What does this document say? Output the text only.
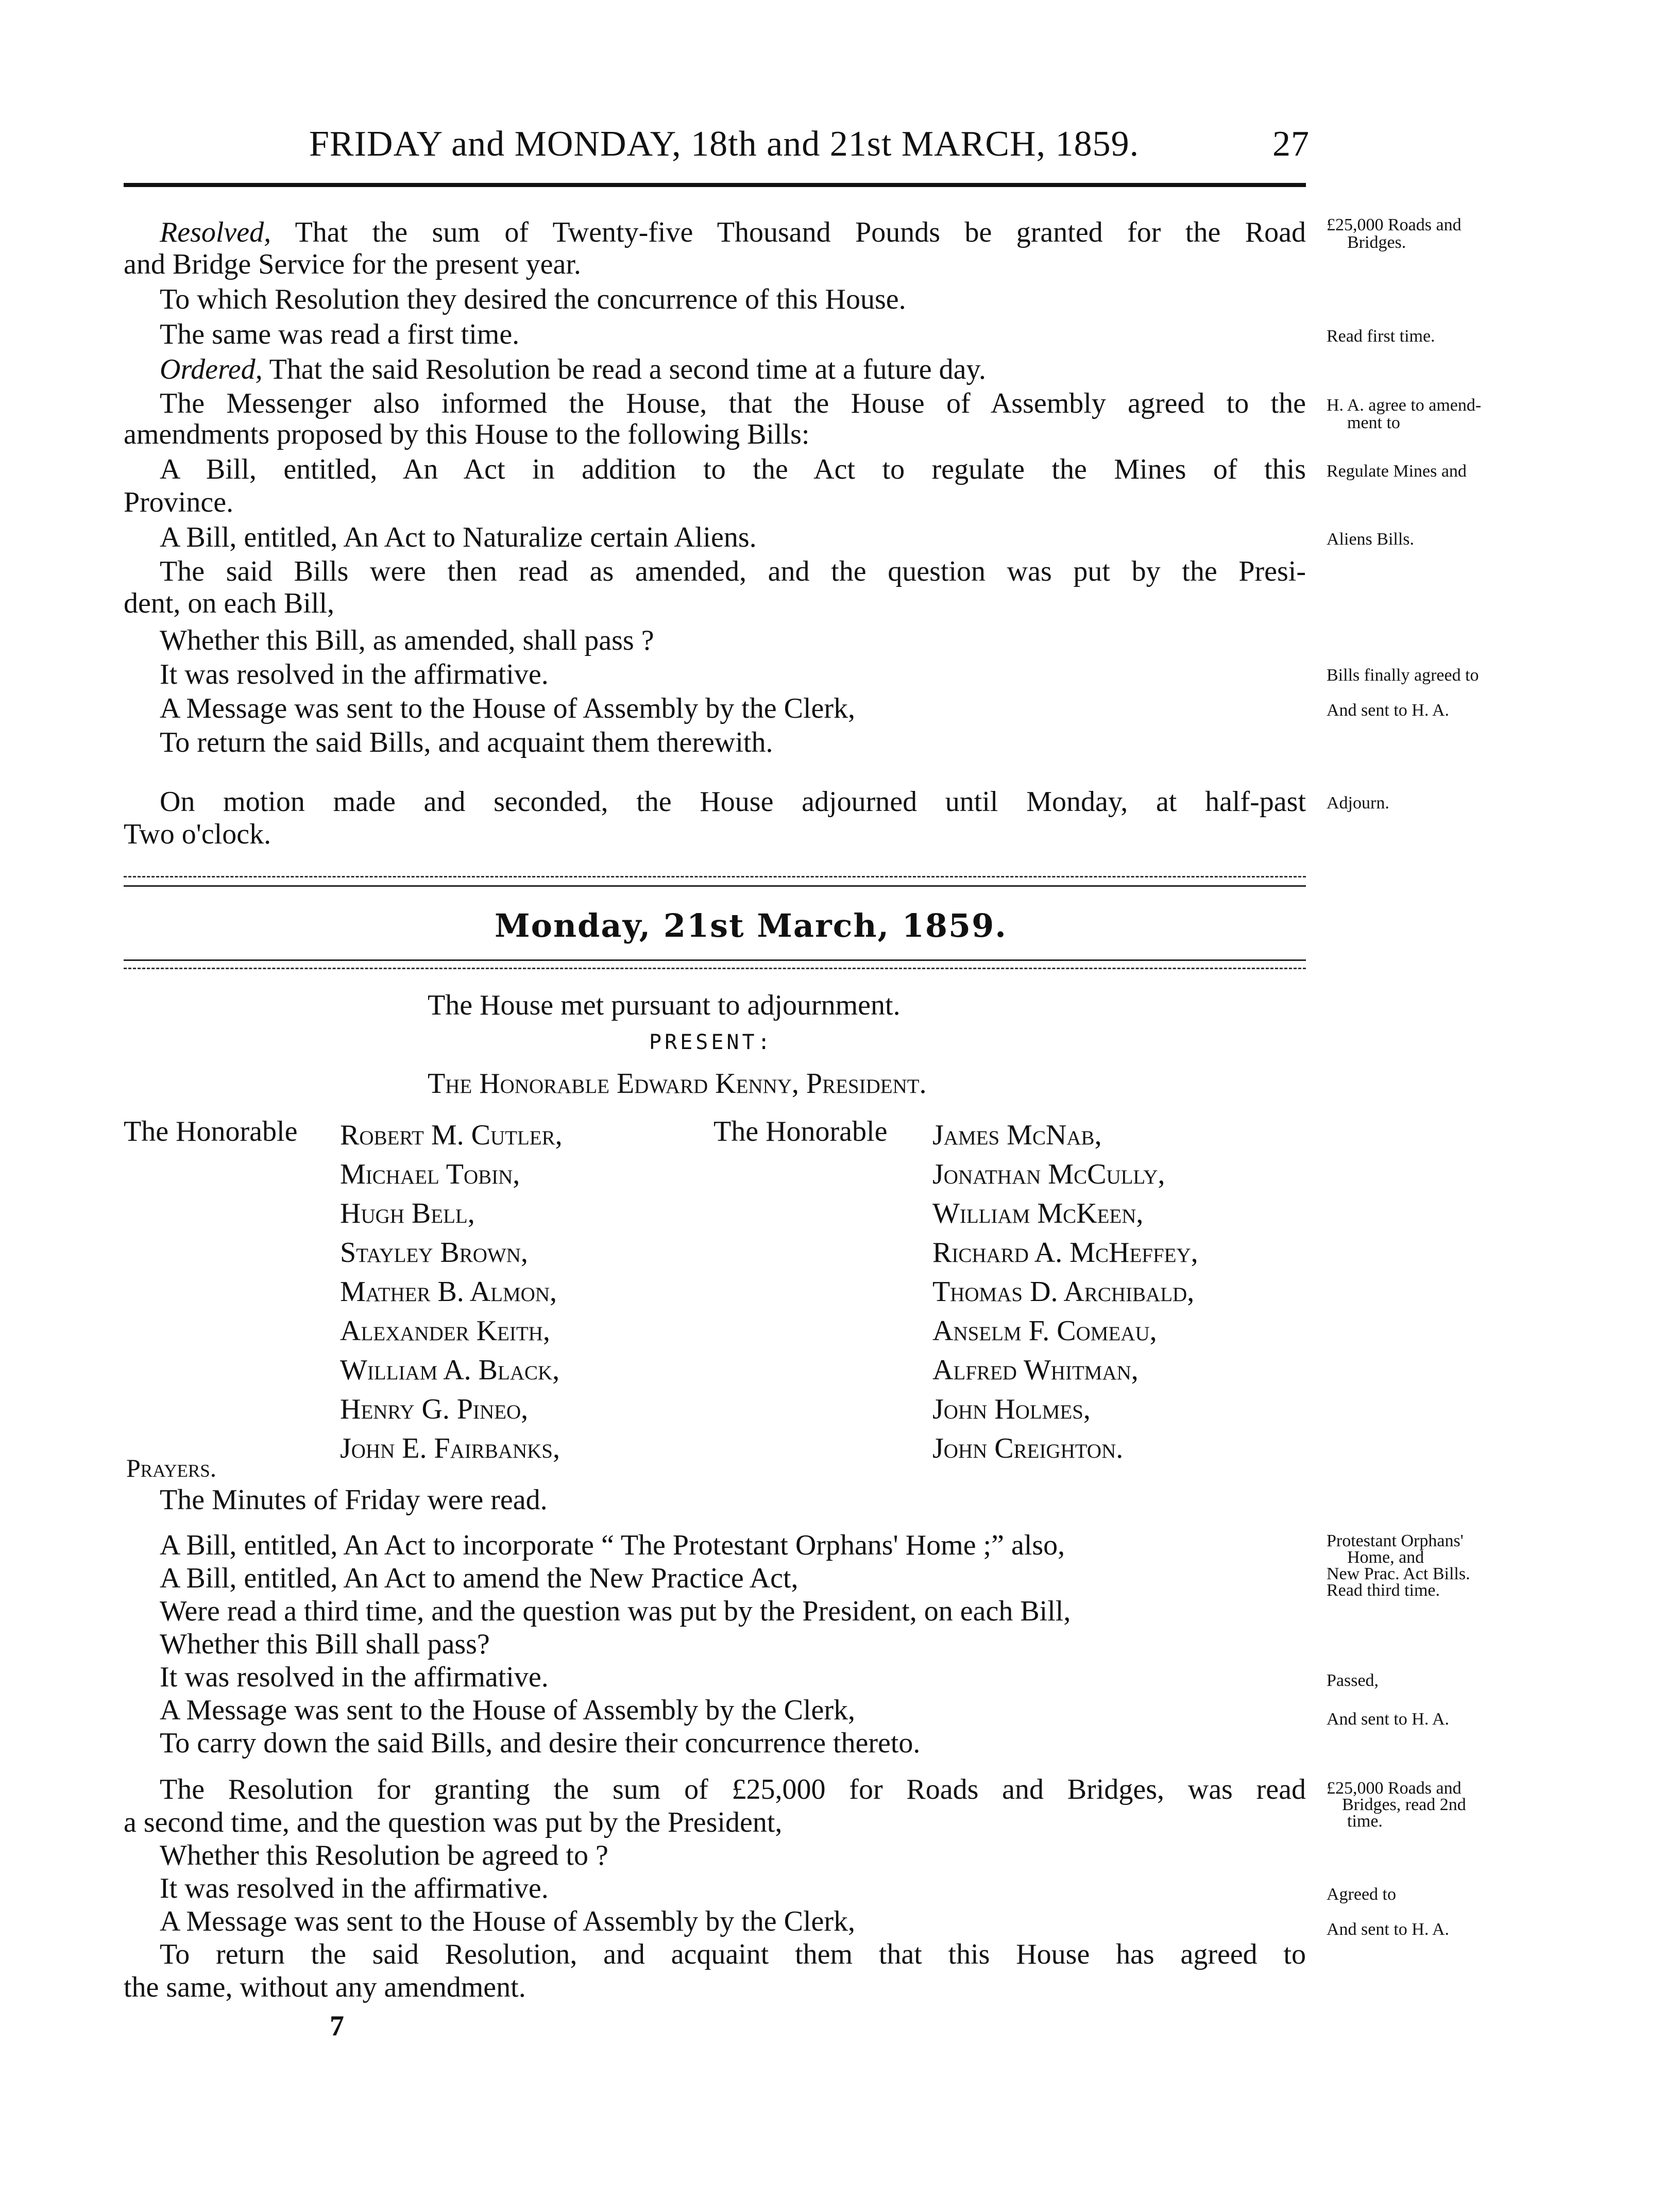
FRIDAY and MONDAY, 18th and 21st MARCH, 1859.	27
Resolved, That the sum of Twenty-five Thousand Pounds be granted for the Road
and Bridge Service for the present year.
To which Resolution they desired the concurrence of this House.
The same was read a first time.
Ordered, That the said Resolution be read a second time at a future day.
The Messenger also informed the House, that the House of Assembly agreed to the
amendments proposed by this House to the following Bills:
A Bill, entitled, An Act in addition to the Act to regulate the Mines of this
Province.
A Bill, entitled, An Act to Naturalize certain Aliens.
The said Bills were then read as amended, and the question was put by the Presi-
dent, on each Bill,
Whether this Bill, as amended, shall pass ?
It was resolved in the affirmative.
A Message was sent to the House of Assembly by the Clerk,
To return the said Bills, and acquaint them therewith.
On motion made and seconded, the House adjourned until Monday, at half-past
Two o'clock.
Monday, 21st March, 1859.
The House met pursuant to adjournment.
PRESENT:
The Honorable Edward Kenny, President.
The Honorable	The Honorable
Robert M. Cutler,
Michael Tobin,
Hugh Bell,
Stayley Brown,
Mather B. Almon,
Alexander Keith,
William A. Black,
Henry G. Pineo,
John E. Fairbanks,
James McNab,
Jonathan McCully,
William McKeen,
Richard A. McHeffey,
Thomas D. Archibald,
Anselm F. Comeau,
Alfred Whitman,
John Holmes,
John Creighton.
Prayers.
The Minutes of Friday were read.
A Bill, entitled, An Act to incorporate “ The Protestant Orphans' Home ;” also,
A Bill, entitled, An Act to amend the New Practice Act,
Were read a third time, and the question was put by the President, on each Bill,
Whether this Bill shall pass?
It was resolved in the affirmative.
A Message was sent to the House of Assembly by the Clerk,
To carry down the said Bills, and desire their concurrence thereto.
The Resolution for granting the sum of £25,000 for Roads and Bridges, was read
a second time, and the question was put by the President,
Whether this Resolution be agreed to ?
It was resolved in the affirmative.
A Message was sent to the House of Assembly by the Clerk,
To return the said Resolution, and acquaint them that this House has agreed to
the same, without any amendment.
7
£25,000 Roads and
Bridges.
Read first time.
H. A. agree to amend-
ment to
Regulate Mines and
Aliens Bills.
Bills finally agreed to
And sent to H. A.
Adjourn.
Protestant Orphans'
Home, and
New Prac. Act Bills.
Read third time.
Passed,
And sent to H. A.
£25,000 Roads and
Bridges, read 2nd
time.
Agreed to
And sent to H. A.
